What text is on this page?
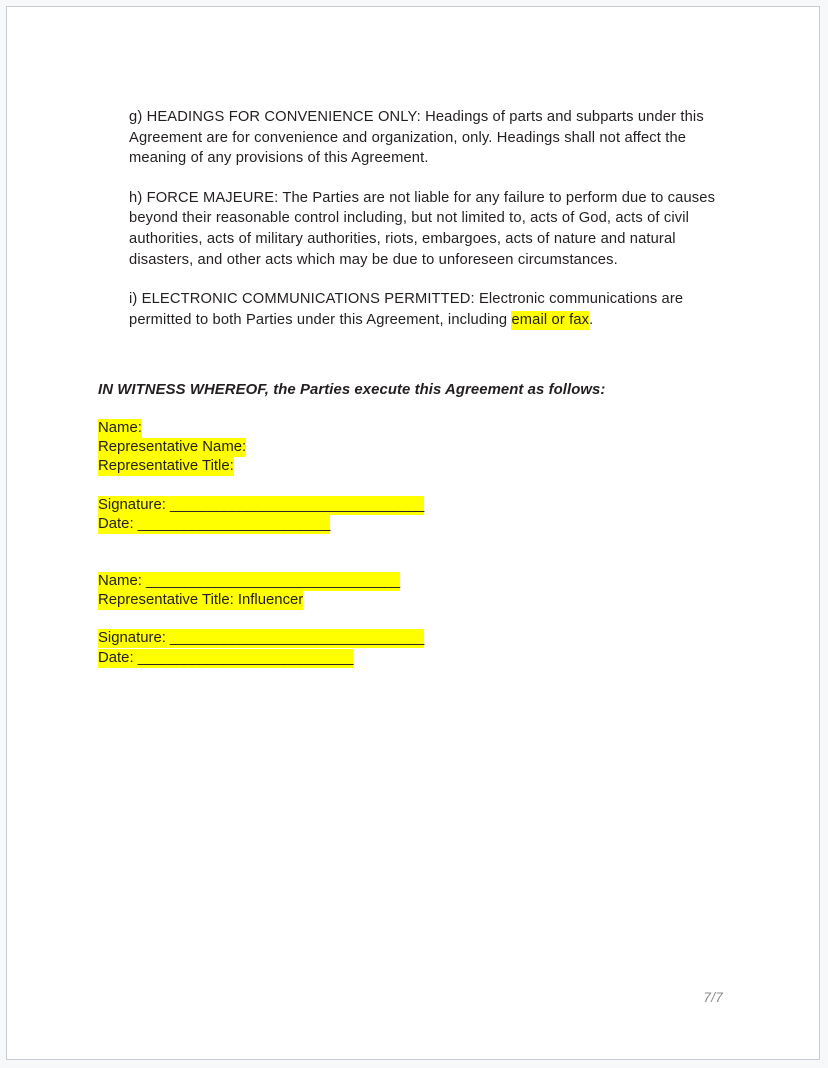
g) HEADINGS FOR CONVENIENCE ONLY: Headings of parts and subparts under this Agreement are for convenience and organization, only. Headings shall not affect the meaning of any provisions of this Agreement.

h) FORCE MAJEURE: The Parties are not liable for any failure to perform due to causes beyond their reasonable control including, but not limited to, acts of God, acts of civil authorities, acts of military authorities, riots, embargoes, acts of nature and natural disasters, and other acts which may be due to unforeseen circumstances.

i) ELECTRONIC COMMUNICATIONS PERMITTED: Electronic communications are permitted to both Parties under this Agreement, including email or fax.

IN WITNESS WHEREOF, the Parties execute this Agreement as follows:
Name:
Representative Name:
Representative Title:
Signature: _________________________________
Date: _________________________
Name: _________________________________
Representative Title: Influencer
Signature: _________________________________
Date: ____________________________
7/7
